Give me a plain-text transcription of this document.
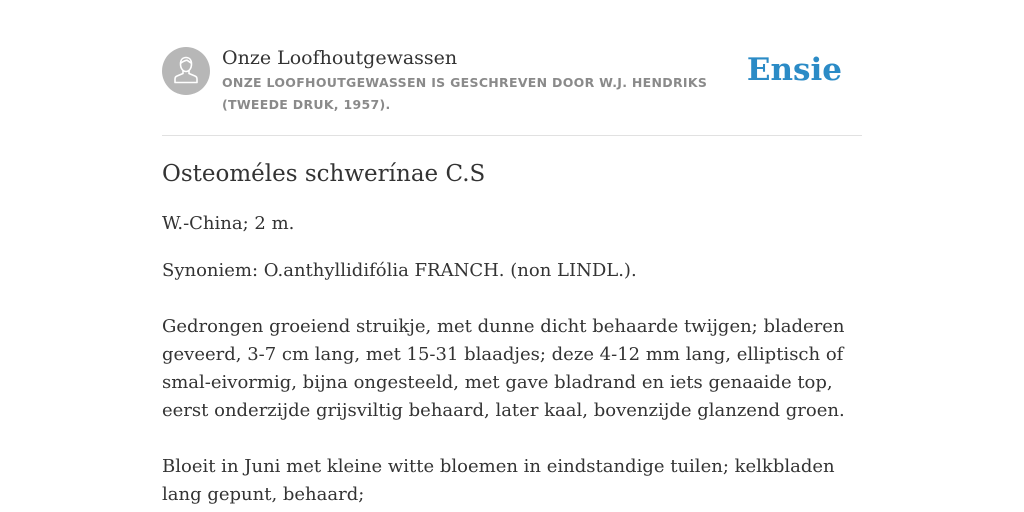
Onze Loofhoutgewassen
ONZE LOOFHOUTGEWASSEN IS GESCHREVEN DOOR W.J. HENDRIKS (TWEEDE DRUK, 1957).
Ensie
Osteoméles schwerínae C.S

W.-China; 2 m.

Synoniem: O.anthyllidifólia FRANCH. (non LINDL.).

Gedrongen groeiend struikje, met dunne dicht behaarde twijgen; bladeren geveerd, 3-7 cm lang, met 15-31 blaadjes; deze 4-12 mm lang, elliptisch of smal-eivormig, bijna ongesteeld, met gave bladrand en iets genaaide top, eerst onderzijde grijsviltig behaard, later kaal, bovenzijde glanzend groen.

Bloeit in Juni met kleine witte bloemen in eindstandige tuilen; kelkbladen lang gepunt, behaard;
